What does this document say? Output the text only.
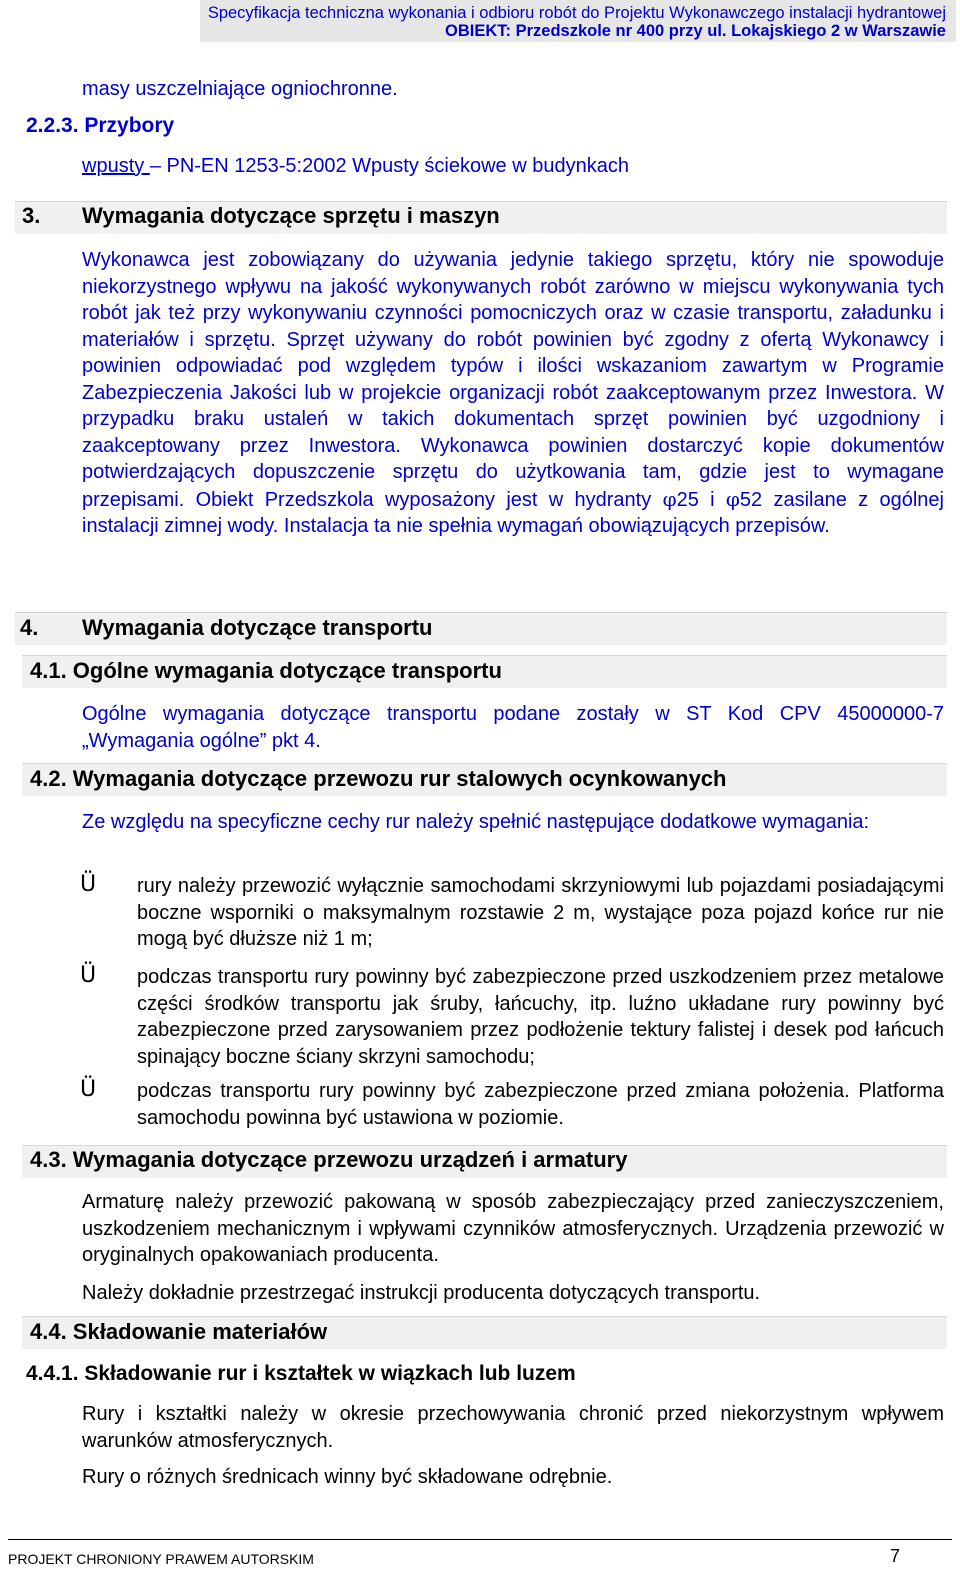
Specyfikacja techniczna wykonania i odbioru robót do Projektu Wykonawczego instalacji hydrantowej
OBIEKT: Przedszkole nr 400 przy ul. Lokajskiego 2 w Warszawie
masy uszczelniające ogniochronne.
2.2.3. Przybory
wpusty – PN-EN 1253-5:2002 Wpusty ściekowe w budynkach
3. Wymagania dotyczące sprzętu i maszyn
Wykonawca jest zobowiązany do używania jedynie takiego sprzętu, który nie spowoduje niekorzystnego wpływu na jakość wykonywanych robót zarówno w miejscu wykonywania tych robót jak też przy wykonywaniu czynności pomocniczych oraz w czasie transportu, załadunku i materiałów i sprzętu. Sprzęt używany do robót powinien być zgodny z ofertą Wykonawcy i powinien odpowiadać pod względem typów i ilości wskazaniom zawartym w Programie Zabezpieczenia Jakości lub w projekcie organizacji robót zaakceptowanym przez Inwestora. W przypadku braku ustaleń w takich dokumentach sprzęt powinien być uzgodniony i zaakceptowany przez Inwestora. Wykonawca powinien dostarczyć kopie dokumentów potwierdzających dopuszczenie sprzętu do użytkowania tam, gdzie jest to wymagane przepisami. Obiekt Przedszkola wyposażony jest w hydranty φ25 i φ52 zasilane z ogólnej instalacji zimnej wody. Instalacja ta nie spełnia wymagań obowiązujących przepisów.
4. Wymagania dotyczące transportu
4.1. Ogólne wymagania dotyczące transportu
Ogólne wymagania dotyczące transportu podane zostały w ST Kod CPV 45000000-7 „Wymagania ogólne” pkt 4.
4.2. Wymagania dotyczące przewozu rur stalowych ocynkowanych
Ze względu na specyficzne cechy rur należy spełnić następujące dodatkowe wymagania:
Ü rury należy przewozić wyłącznie samochodami skrzyniowymi lub pojazdami posiadającymi boczne wsporniki o maksymalnym rozstawie 2 m, wystające poza pojazd końce rur nie mogą być dłuższe niż 1 m;
Ü podczas transportu rury powinny być zabezpieczone przed uszkodzeniem przez metalowe części środków transportu jak śruby, łańcuchy, itp. luźno układane rury powinny być zabezpieczone przed zarysowaniem przez podłożenie tektury falistej i desek pod łańcuch spinający boczne ściany skrzyni samochodu;
Ü podczas transportu rury powinny być zabezpieczone przed zmiana położenia. Platforma samochodu powinna być ustawiona w poziomie.
4.3. Wymagania dotyczące przewozu urządzeń i armatury
Armaturę należy przewozić pakowaną w sposób zabezpieczający przed zanieczyszczeniem, uszkodzeniem mechanicznym i wpływami czynników atmosferycznych. Urządzenia przewozić w oryginalnych opakowaniach producenta.
Należy dokładnie przestrzegać instrukcji producenta dotyczących transportu.
4.4. Składowanie materiałów
4.4.1. Składowanie rur i kształtek w wiązkach lub luzem
Rury i kształtki należy w okresie przechowywania chronić przed niekorzystnym wpływem warunków atmosferycznych.
Rury o różnych średnicach winny być składowane odrębnie.
PROJEKT CHRONIONY PRAWEM AUTORSKIM	7
